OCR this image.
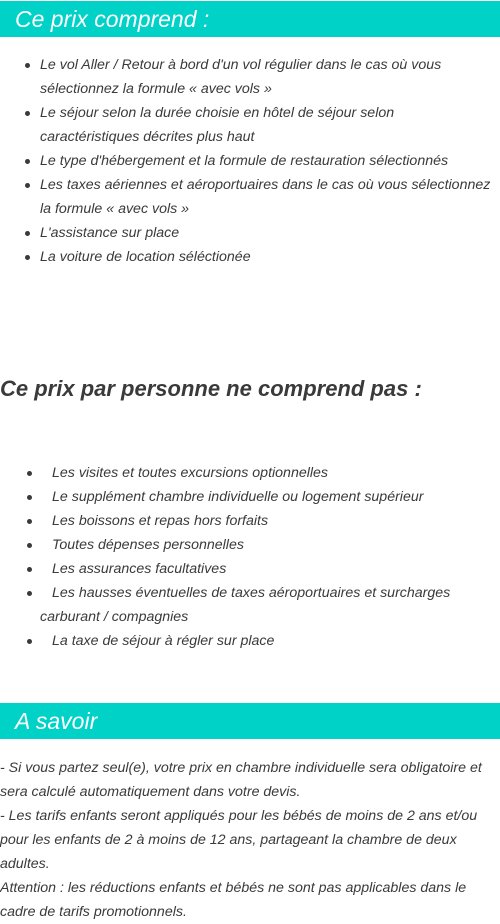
Ce prix comprend :
Le vol Aller / Retour à bord d'un vol régulier dans le cas où vous sélectionnez la formule « avec vols »
Le séjour selon la durée choisie en hôtel de séjour selon caractéristiques décrites plus haut
Le type d'hébergement et la formule de restauration sélectionnés
Les taxes aériennes et aéroportuaires dans le cas où vous sélectionnez la formule « avec vols »
L'assistance sur place
La voiture de location séléctionée
Ce prix par personne ne comprend pas :
Les visites et toutes excursions optionnelles
Le supplément chambre individuelle ou logement supérieur
Les boissons et repas hors forfaits
Toutes dépenses personnelles
Les assurances facultatives
Les hausses éventuelles de taxes aéroportuaires et surcharges
carburant / compagnies
La taxe de séjour à régler sur place
A savoir

- Si vous partez seul(e), votre prix en chambre individuelle sera obligatoire et sera calculé automatiquement dans votre devis.

- Les tarifs enfants seront appliqués pour les bébés de moins de 2 ans et/ou pour les enfants de 2 à moins de 12 ans, partageant la chambre de deux adultes.

Attention : les réductions enfants et bébés ne sont pas applicables dans le cadre de tarifs promotionnels.
